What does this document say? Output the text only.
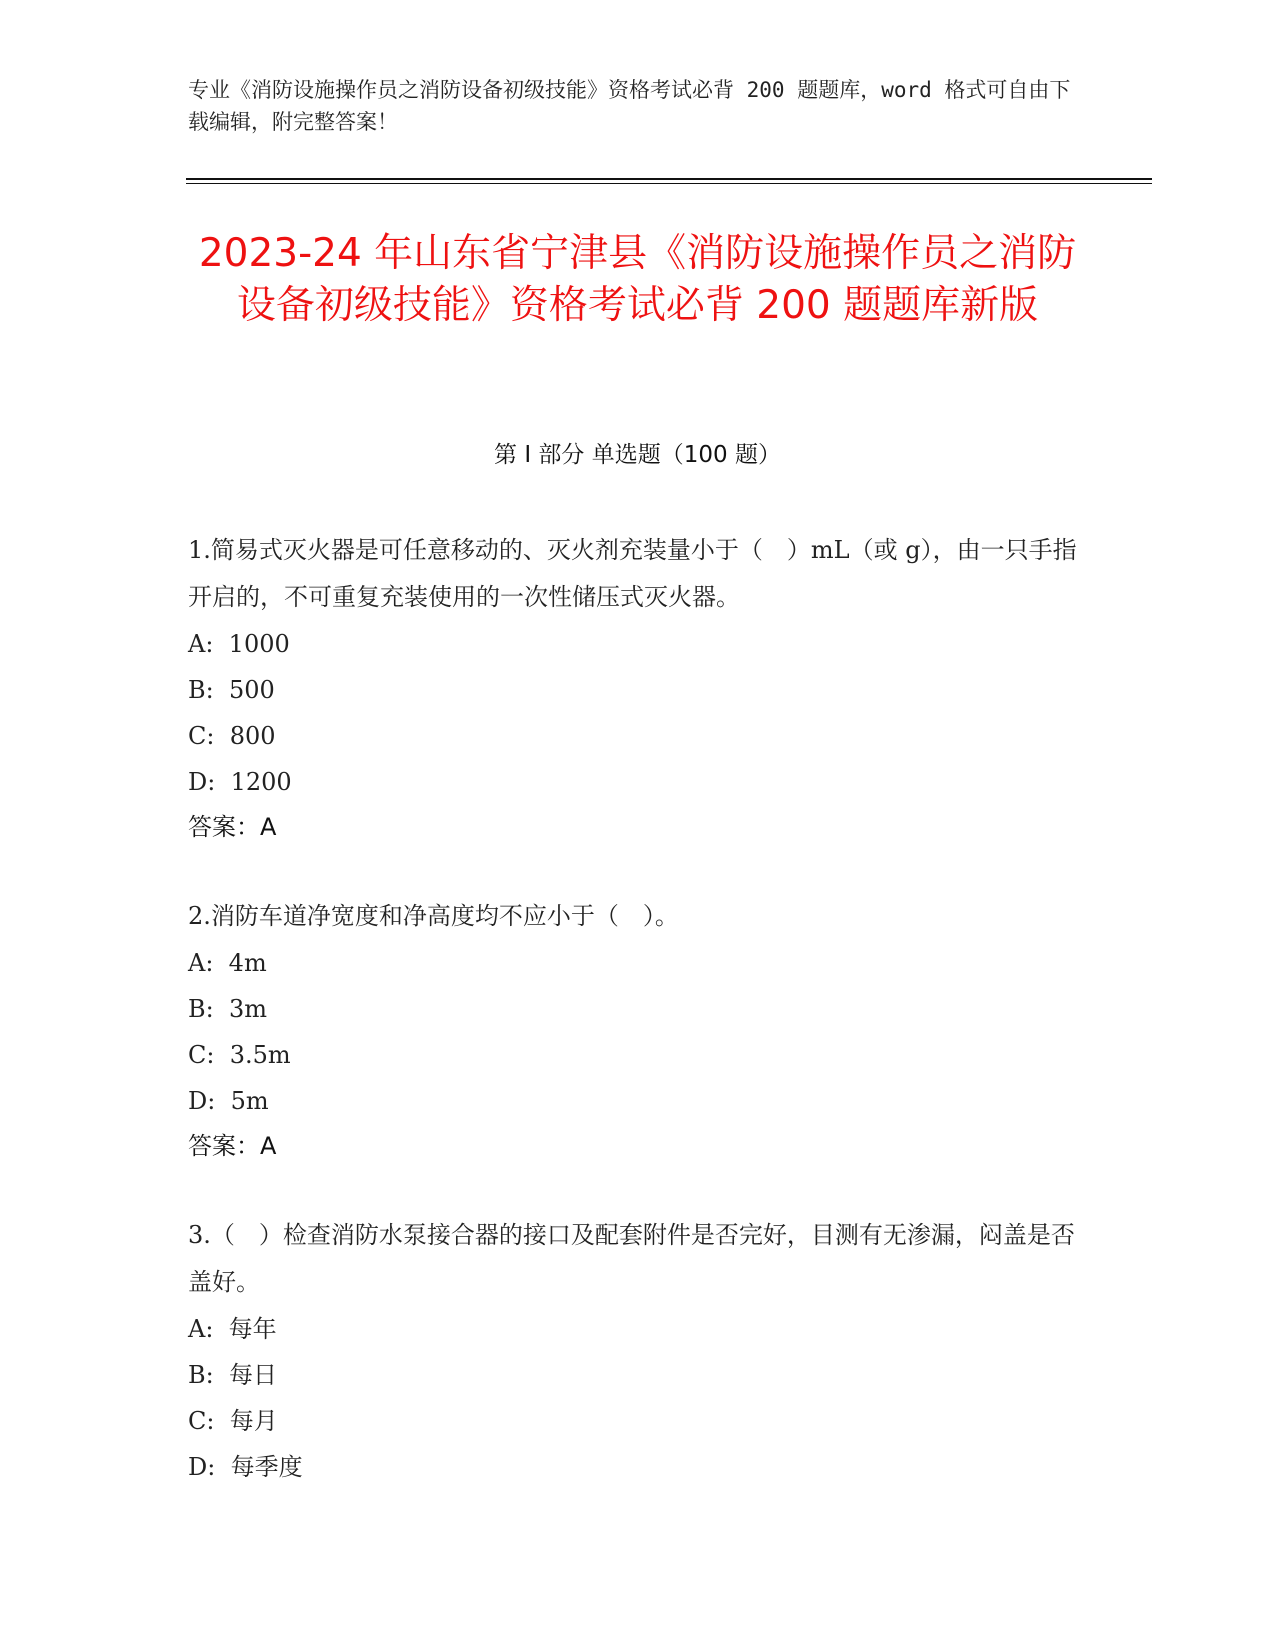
专业《消防设施操作员之消防设备初级技能》资格考试必背 200 题题库，word 格式可自由下载编辑，附完整答案！
2023-24 年山东省宁津县《消防设施操作员之消防设备初级技能》资格考试必背 200 题题库新版
第 I 部分 单选题（100 题）

1.简易式灭火器是可任意移动的、灭火剂充装量小于（　）mL（或 g），由一只手指开启的，不可重复充装使用的一次性储压式灭火器。

A:  1000

B:  500

C:  800

D:  1200

答案：A

2.消防车道净宽度和净高度均不应小于（　）。

A:  4m

B:  3m

C:  3.5m

D:  5m

答案：A

3.（　）检查消防水泵接合器的接口及配套附件是否完好，目测有无渗漏，闷盖是否盖好。

A:  每年

B:  每日

C:  每月

D:  每季度
